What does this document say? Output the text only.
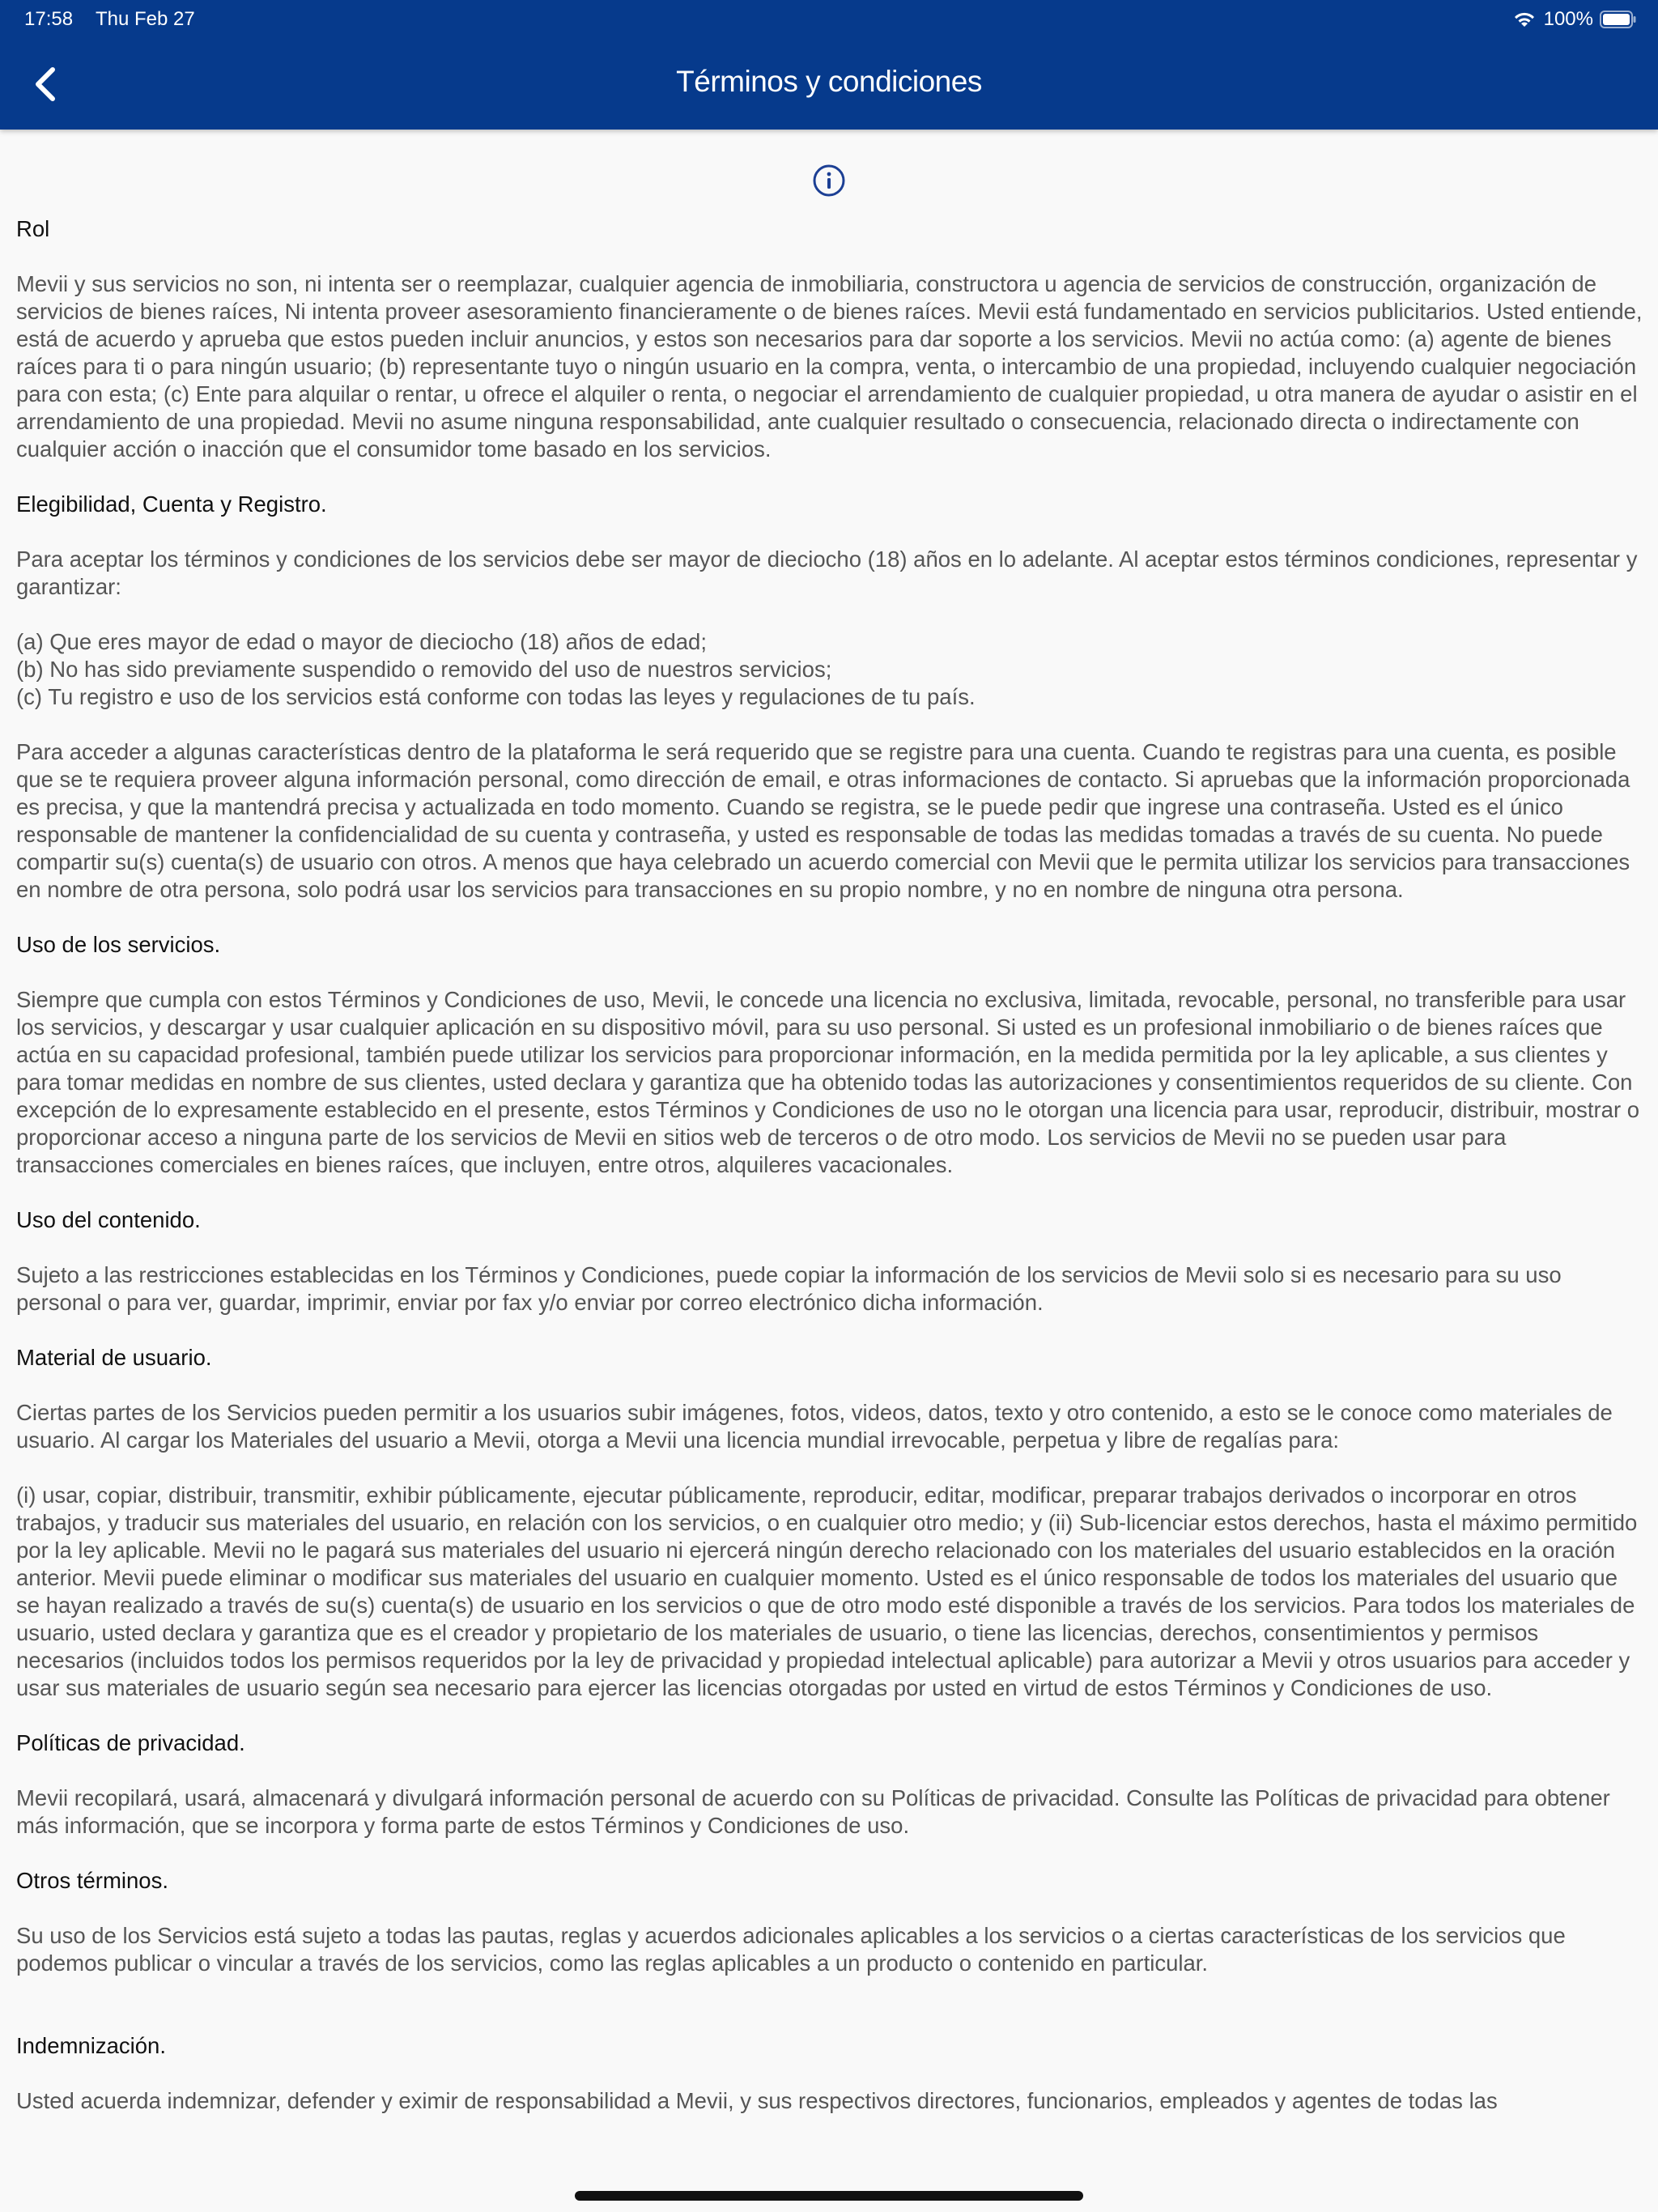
17:58 Thu Feb 27	100%
Términos y condiciones

Rol

Mevii y sus servicios no son, ni intenta ser o reemplazar, cualquier agencia de inmobiliaria, constructora u agencia de servicios de construcción, organización de servicios de bienes raíces, Ni intenta proveer asesoramiento financieramente o de bienes raíces. Mevii está fundamentado en servicios publicitarios. Usted entiende, está de acuerdo y aprueba que estos pueden incluir anuncios, y estos son necesarios para dar soporte a los servicios. Mevii no actúa como: (a) agente de bienes raíces para ti o para ningún usuario; (b) representante tuyo o ningún usuario en la compra, venta, o intercambio de una propiedad, incluyendo cualquier negociación para con esta; (c) Ente para alquilar o rentar, u ofrece el alquiler o renta, o negociar el arrendamiento de cualquier propiedad, u otra manera de ayudar o asistir en el arrendamiento de una propiedad. Mevii no asume ninguna responsabilidad, ante cualquier resultado o consecuencia, relacionado directa o indirectamente con cualquier acción o inacción que el consumidor tome basado en los servicios.

Elegibilidad, Cuenta y Registro.

Para aceptar los términos y condiciones de los servicios debe ser mayor de dieciocho (18) años en lo adelante. Al aceptar estos términos condiciones, representar y garantizar:

(a) Que eres mayor de edad o mayor de dieciocho (18) años de edad;
(b) No has sido previamente suspendido o removido del uso de nuestros servicios;
(c) Tu registro e uso de los servicios está conforme con todas las leyes y regulaciones de tu país.

Para acceder a algunas características dentro de la plataforma le será requerido que se registre para una cuenta. Cuando te registras para una cuenta, es posible que se te requiera proveer alguna información personal, como dirección de email, e otras informaciones de contacto. Si apruebas que la información proporcionada es precisa, y que la mantendrá precisa y actualizada en todo momento. Cuando se registra, se le puede pedir que ingrese una contraseña. Usted es el único responsable de mantener la confidencialidad de su cuenta y contraseña, y usted es responsable de todas las medidas tomadas a través de su cuenta. No puede compartir su(s) cuenta(s) de usuario con otros. A menos que haya celebrado un acuerdo comercial con Mevii que le permita utilizar los servicios para transacciones en nombre de otra persona, solo podrá usar los servicios para transacciones en su propio nombre, y no en nombre de ninguna otra persona.

Uso de los servicios.

Siempre que cumpla con estos Términos y Condiciones de uso, Mevii, le concede una licencia no exclusiva, limitada, revocable, personal, no transferible para usar los servicios, y descargar y usar cualquier aplicación en su dispositivo móvil, para su uso personal. Si usted es un profesional inmobiliario o de bienes raíces que actúa en su capacidad profesional, también puede utilizar los servicios para proporcionar información, en la medida permitida por la ley aplicable, a sus clientes y para tomar medidas en nombre de sus clientes, usted declara y garantiza que ha obtenido todas las autorizaciones y consentimientos requeridos de su cliente. Con excepción de lo expresamente establecido en el presente, estos Términos y Condiciones de uso no le otorgan una licencia para usar, reproducir, distribuir, mostrar o proporcionar acceso a ninguna parte de los servicios de Mevii en sitios web de terceros o de otro modo. Los servicios de Mevii no se pueden usar para transacciones comerciales en bienes raíces, que incluyen, entre otros, alquileres vacacionales.

Uso del contenido.

Sujeto a las restricciones establecidas en los Términos y Condiciones, puede copiar la información de los servicios de Mevii solo si es necesario para su uso personal o para ver, guardar, imprimir, enviar por fax y/o enviar por correo electrónico dicha información.

Material de usuario.

Ciertas partes de los Servicios pueden permitir a los usuarios subir imágenes, fotos, videos, datos, texto y otro contenido, a esto se le conoce como materiales de usuario. Al cargar los Materiales del usuario a Mevii, otorga a Mevii una licencia mundial irrevocable, perpetua y libre de regalías para:

(i) usar, copiar, distribuir, transmitir, exhibir públicamente, ejecutar públicamente, reproducir, editar, modificar, preparar trabajos derivados o incorporar en otros trabajos, y traducir sus materiales del usuario, en relación con los servicios, o en cualquier otro medio; y (ii) Sub-licenciar estos derechos, hasta el máximo permitido por la ley aplicable. Mevii no le pagará sus materiales del usuario ni ejercerá ningún derecho relacionado con los materiales del usuario establecidos en la oración anterior. Mevii puede eliminar o modificar sus materiales del usuario en cualquier momento. Usted es el único responsable de todos los materiales del usuario que se hayan realizado a través de su(s) cuenta(s) de usuario en los servicios o que de otro modo esté disponible a través de los servicios. Para todos los materiales de usuario, usted declara y garantiza que es el creador y propietario de los materiales de usuario, o tiene las licencias, derechos, consentimientos y permisos necesarios (incluidos todos los permisos requeridos por la ley de privacidad y propiedad intelectual aplicable) para autorizar a Mevii y otros usuarios para acceder y usar sus materiales de usuario según sea necesario para ejercer las licencias otorgadas por usted en virtud de estos Términos y Condiciones de uso.

Políticas de privacidad.

Mevii recopilará, usará, almacenará y divulgará información personal de acuerdo con su Políticas de privacidad. Consulte las Políticas de privacidad para obtener más información, que se incorpora y forma parte de estos Términos y Condiciones de uso.

Otros términos.

Su uso de los Servicios está sujeto a todas las pautas, reglas y acuerdos adicionales aplicables a los servicios o a ciertas características de los servicios que podemos publicar o vincular a través de los servicios, como las reglas aplicables a un producto o contenido en particular.

Indemnización.

Usted acuerda indemnizar, defender y eximir de responsabilidad a Mevii, y sus respectivos directores, funcionarios, empleados y agentes de todas las
